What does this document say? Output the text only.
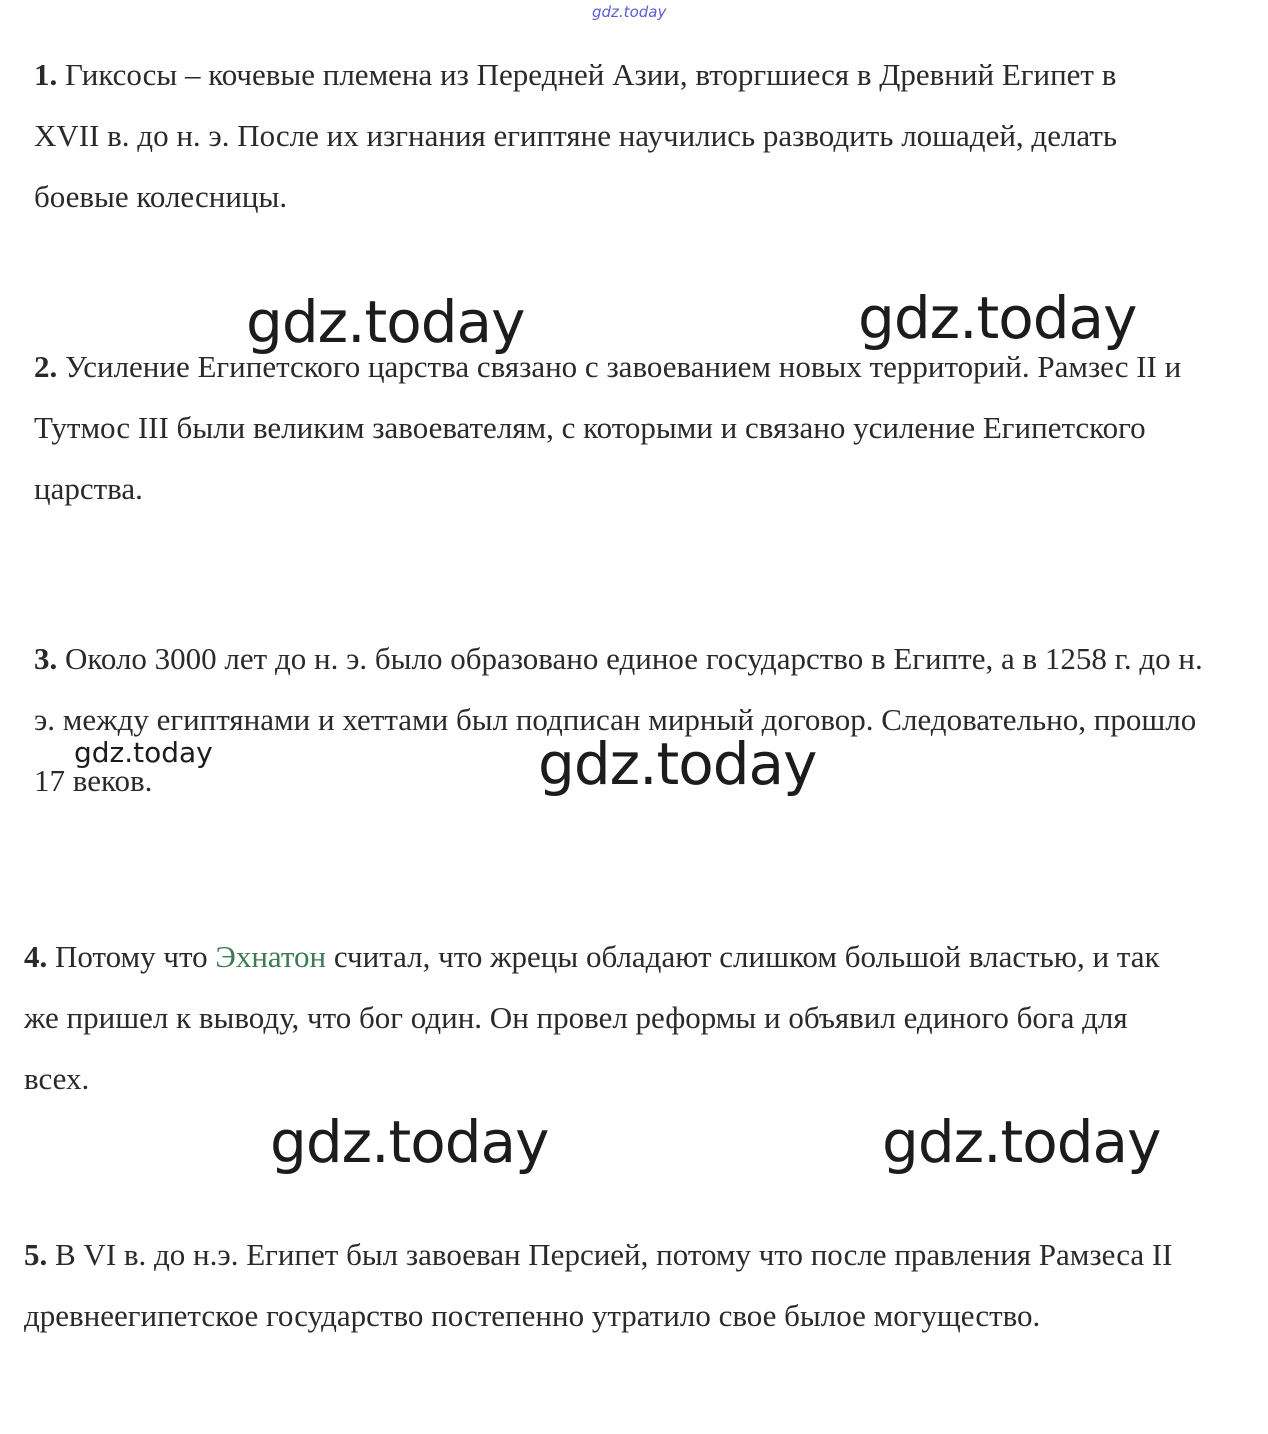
gdz.today
1. Гиксосы – кочевые племена из Передней Азии, вторгшиеся в Древний Египет в XVII в. до н. э. После их изгнания египтяне научились разводить лошадей, делать боевые колесницы.
gdz.today	gdz.today
2. Усиление Египетского царства связано с завоеванием новых территорий. Рамзес II и Тутмос III были великим завоевателям, с которыми и связано усиление Египетского царства.
3. Около 3000 лет до н. э. было образовано единое государство в Египте, а в 1258 г. до н. э. между египтянами и хеттами был подписан мирный договор. Следовательно, прошло 17 веков.
gdz.today	gdz.today
4. Потому что Эхнатон считал, что жрецы обладают слишком большой властью, и так же пришел к выводу, что бог один. Он провел реформы и объявил единого бога для всех.
gdz.today	gdz.today
5. В VI в. до н.э. Египет был завоеван Персией, потому что после правления Рамзеса II древнеегипетское государство постепенно утратило свое былое могущество.
